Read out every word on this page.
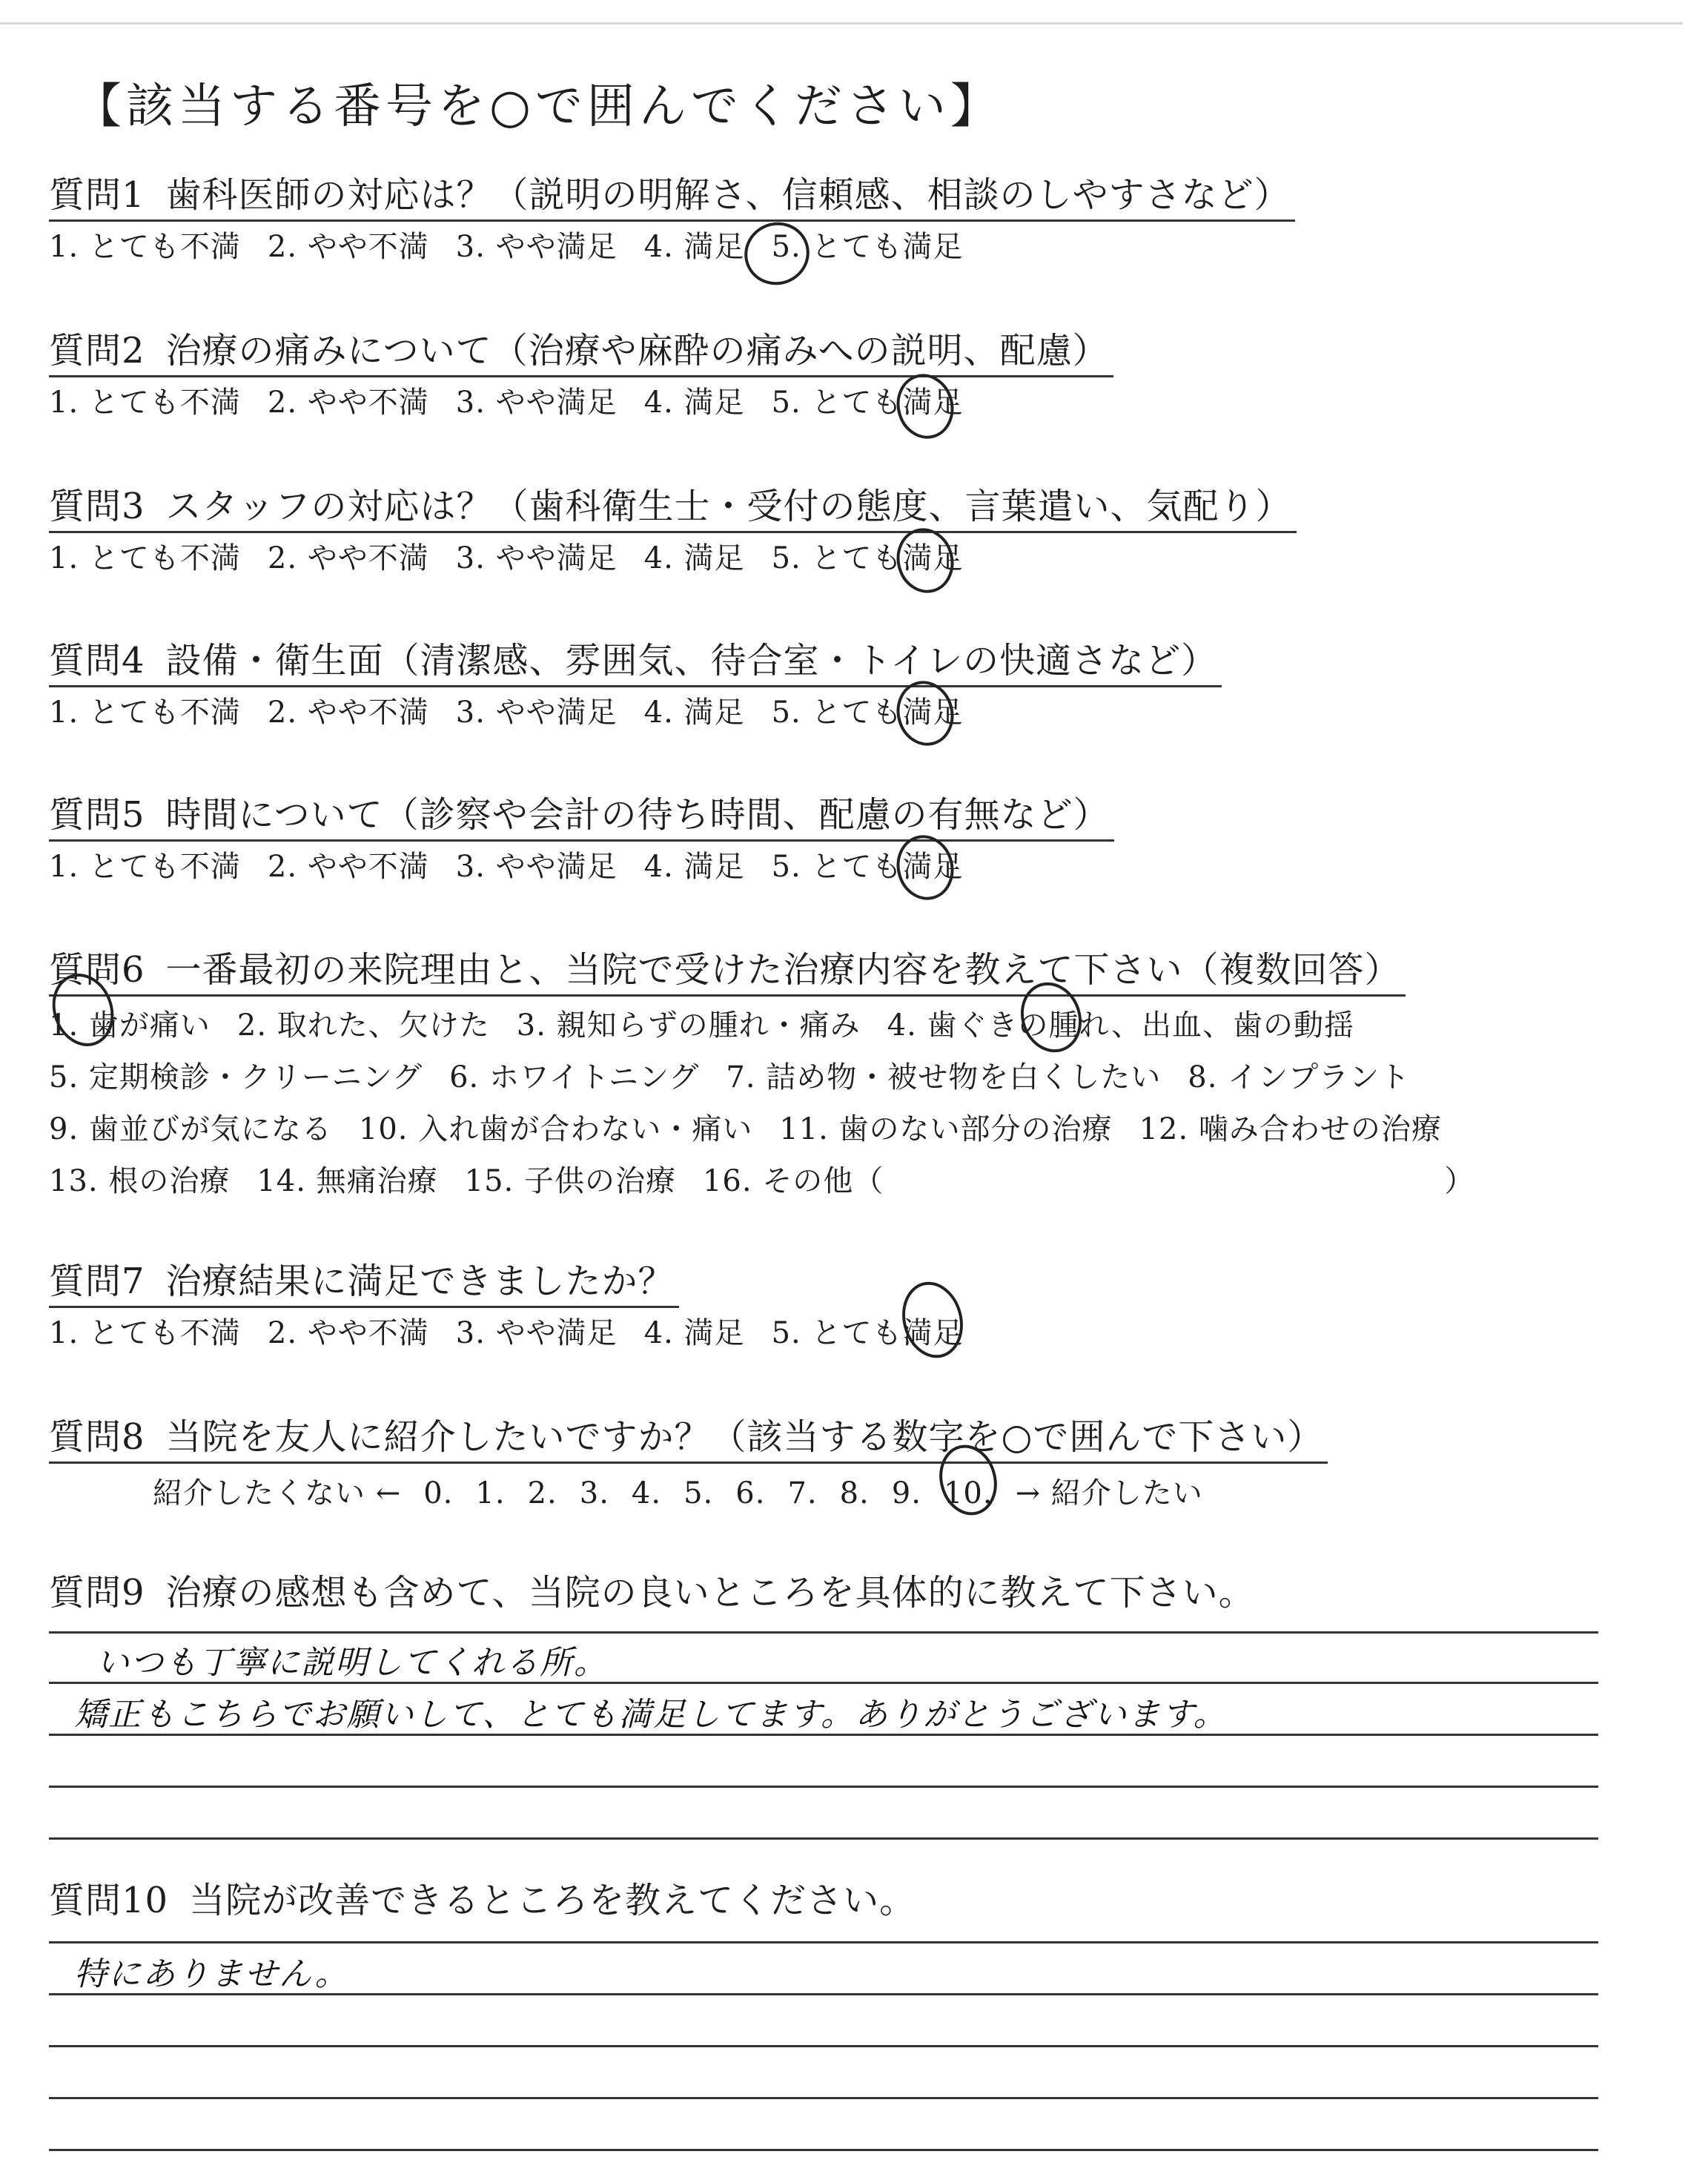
【該当する番号を○で囲んでください】
質問1 歯科医師の対応は？（説明の明解さ、信頼感、相談のしやすさなど）
1. とても不満 2. やや不満 3. やや満足 4. 満足 5. とても満足
質問2 治療の痛みについて（治療や麻酔の痛みへの説明、配慮）
1. とても不満 2. やや不満 3. やや満足 4. 満足 5. とても満足
質問3 スタッフの対応は？（歯科衛生士・受付の態度、言葉遣い、気配り）
1. とても不満 2. やや不満 3. やや満足 4. 満足 5. とても満足
質問4 設備・衛生面（清潔感、雰囲気、待合室・トイレの快適さなど）
1. とても不満 2. やや不満 3. やや満足 4. 満足 5. とても満足
質問5 時間について（診察や会計の待ち時間、配慮の有無など）
1. とても不満 2. やや不満 3. やや満足 4. 満足 5. とても満足
質問6 一番最初の来院理由と、当院で受けた治療内容を教えて下さい（複数回答）
1. 歯が痛い 2. 取れた、欠けた 3. 親知らずの腫れ・痛み 4. 歯ぐきの腫れ、出血、歯の動揺
5. 定期検診・クリーニング 6. ホワイトニング 7. 詰め物・被せ物を白くしたい 8. インプラント
9. 歯並びが気になる 10. 入れ歯が合わない・痛い 11. 歯のない部分の治療 12. 噛み合わせの治療
13. 根の治療 14. 無痛治療 15. 子供の治療 16. その他（	）
質問7 治療結果に満足できましたか？
1. とても不満 2. やや不満 3. やや満足 4. 満足 5. とても満足
質問8 当院を友人に紹介したいですか？（該当する数字を○で囲んで下さい）
紹介したくない ← 0. 1. 2. 3. 4. 5. 6. 7. 8. 9. 10. → 紹介したい
質問9 治療の感想も含めて、当院の良いところを具体的に教えて下さい。
いつも丁寧に説明してくれる所。
矯正もこちらでお願いして、とても満足してます。ありがとうございます。
質問10 当院が改善できるところを教えてください。
特にありません。
